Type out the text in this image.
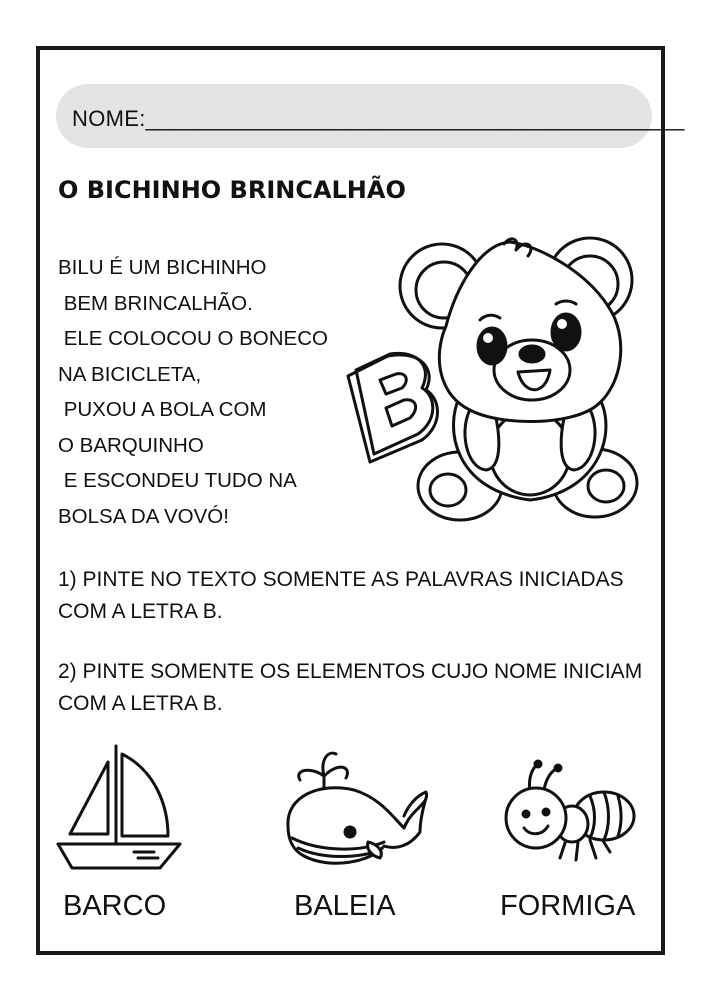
NOME:___________________________________________
O BICHINHO BRINCALHÃO
BILU É UM BICHINHO
BEM BRINCALHÃO.
ELE COLOCOU O BONECO
NA BICICLETA,
PUXOU A BOLA COM
O BARQUINHO
E ESCONDEU TUDO NA
BOLSA DA VOVÓ!
1) PINTE NO TEXTO SOMENTE AS PALAVRAS INICIADAS COM A LETRA B.
2) PINTE SOMENTE OS ELEMENTOS CUJO NOME INICIAM COM A LETRA B.
BARCO	BALEIA	FORMIGA
